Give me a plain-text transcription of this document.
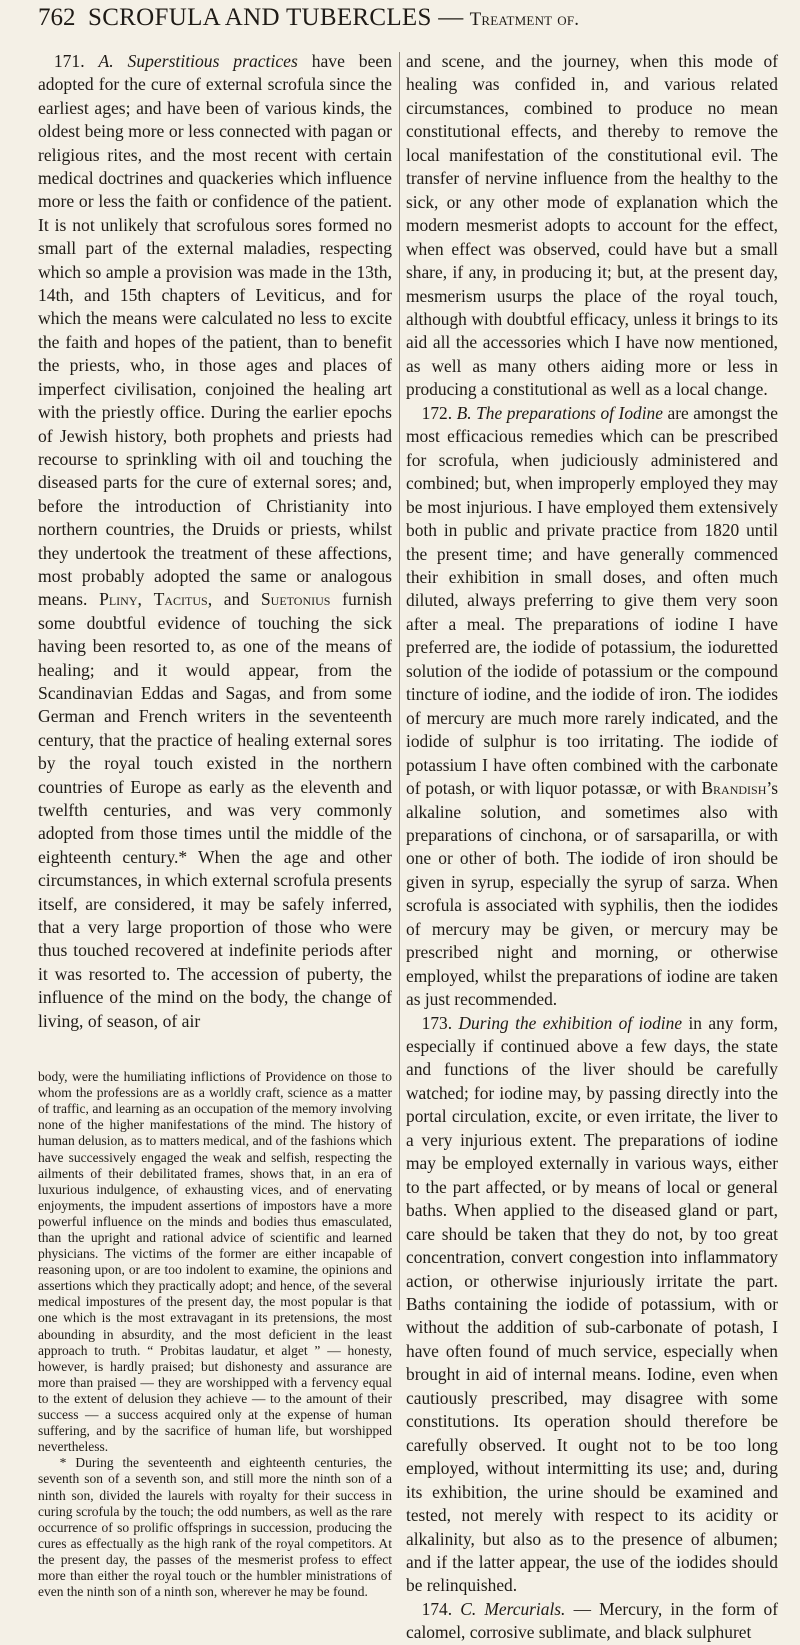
762 SCROFULA AND TUBERCLES — Treatment of.

171. A. Superstitious practices have been adopted for the cure of external scrofula since the earliest ages; and have been of various kinds, the oldest being more or less connected with pagan or religious rites, and the most recent with certain medical doctrines and quackeries which influence more or less the faith or confidence of the patient. It is not unlikely that scrofulous sores formed no small part of the external maladies, respecting which so ample a provision was made in the 13th, 14th, and 15th chapters of Leviticus, and for which the means were calculated no less to excite the faith and hopes of the patient, than to benefit the priests, who, in those ages and places of imperfect civilisation, conjoined the healing art with the priestly office. During the earlier epochs of Jewish history, both prophets and priests had recourse to sprinkling with oil and touching the diseased parts for the cure of external sores; and, before the introduction of Christianity into northern countries, the Druids or priests, whilst they undertook the treatment of these affections, most probably adopted the same or analogous means. Pliny, Tacitus, and Suetonius furnish some doubtful evidence of touching the sick having been resorted to, as one of the means of healing; and it would appear, from the Scandinavian Eddas and Sagas, and from some German and French writers in the seventeenth century, that the practice of healing external sores by the royal touch existed in the northern countries of Europe as early as the eleventh and twelfth centuries, and was very commonly adopted from those times until the middle of the eighteenth century.* When the age and other circumstances, in which external scrofula presents itself, are considered, it may be safely inferred, that a very large proportion of those who were thus touched recovered at indefinite periods after it was resorted to. The accession of puberty, the influence of the mind on the body, the change of living, of season, of air

body, were the humiliating inflictions of Providence on those to whom the professions are as a worldly craft, science as a matter of traffic, and learning as an occupation of the memory involving none of the higher manifestations of the mind. The history of human delusion, as to matters medical, and of the fashions which have successively engaged the weak and selfish, respecting the ailments of their debilitated frames, shows that, in an era of luxurious indulgence, of exhausting vices, and of enervating enjoyments, the impudent assertions of impostors have a more powerful influence on the minds and bodies thus emasculated, than the upright and rational advice of scientific and learned physicians. The victims of the former are either incapable of reasoning upon, or are too indolent to examine, the opinions and assertions which they practically adopt; and hence, of the several medical impostures of the present day, the most popular is that one which is the most extravagant in its pretensions, the most abounding in absurdity, and the most deficient in the least approach to truth. “ Probitas laudatur, et alget ” — honesty, however, is hardly praised; but dishonesty and assurance are more than praised — they are worshipped with a fervency equal to the extent of delusion they achieve — to the amount of their success — a success acquired only at the expense of human suffering, and by the sacrifice of human life, but worshipped nevertheless.

* During the seventeenth and eighteenth centuries, the seventh son of a seventh son, and still more the ninth son of a ninth son, divided the laurels with royalty for their success in curing scrofula by the touch; the odd numbers, as well as the rare occurrence of so prolific offsprings in succession, producing the cures as effectually as the high rank of the royal competitors. At the present day, the passes of the mesmerist profess to effect more than either the royal touch or the humbler ministrations of even the ninth son of a ninth son, wherever he may be found.

and scene, and the journey, when this mode of healing was confided in, and various related circumstances, combined to produce no mean constitutional effects, and thereby to remove the local manifestation of the constitutional evil. The transfer of nervine influence from the healthy to the sick, or any other mode of explanation which the modern mesmerist adopts to account for the effect, when effect was observed, could have but a small share, if any, in producing it; but, at the present day, mesmerism usurps the place of the royal touch, although with doubtful efficacy, unless it brings to its aid all the accessories which I have now mentioned, as well as many others aiding more or less in producing a constitutional as well as a local change.

172. B. The preparations of Iodine are amongst the most efficacious remedies which can be prescribed for scrofula, when judiciously administered and combined; but, when improperly employed they may be most injurious. I have employed them extensively both in public and private practice from 1820 until the present time; and have generally commenced their exhibition in small doses, and often much diluted, always preferring to give them very soon after a meal. The preparations of iodine I have preferred are, the iodide of potassium, the ioduretted solution of the iodide of potassium or the compound tincture of iodine, and the iodide of iron. The iodides of mercury are much more rarely indicated, and the iodide of sulphur is too irritating. The iodide of potassium I have often combined with the carbonate of potash, or with liquor potassæ, or with Brandish’s alkaline solution, and sometimes also with preparations of cinchona, or of sarsaparilla, or with one or other of both. The iodide of iron should be given in syrup, especially the syrup of sarza. When scrofula is associated with syphilis, then the iodides of mercury may be given, or mercury may be prescribed night and morning, or otherwise employed, whilst the preparations of iodine are taken as just recommended.

173. During the exhibition of iodine in any form, especially if continued above a few days, the state and functions of the liver should be carefully watched; for iodine may, by passing directly into the portal circulation, excite, or even irritate, the liver to a very injurious extent. The preparations of iodine may be employed externally in various ways, either to the part affected, or by means of local or general baths. When applied to the diseased gland or part, care should be taken that they do not, by too great concentration, convert congestion into inflammatory action, or otherwise injuriously irritate the part. Baths containing the iodide of potassium, with or without the addition of sub-carbonate of potash, I have often found of much service, especially when brought in aid of internal means. Iodine, even when cautiously prescribed, may disagree with some constitutions. Its operation should therefore be carefully observed. It ought not to be too long employed, without intermitting its use; and, during its exhibition, the urine should be examined and tested, not merely with respect to its acidity or alkalinity, but also as to the presence of albumen; and if the latter appear, the use of the iodides should be relinquished.

174. C. Mercurials. — Mercury, in the form of calomel, corrosive sublimate, and black sulphuret
